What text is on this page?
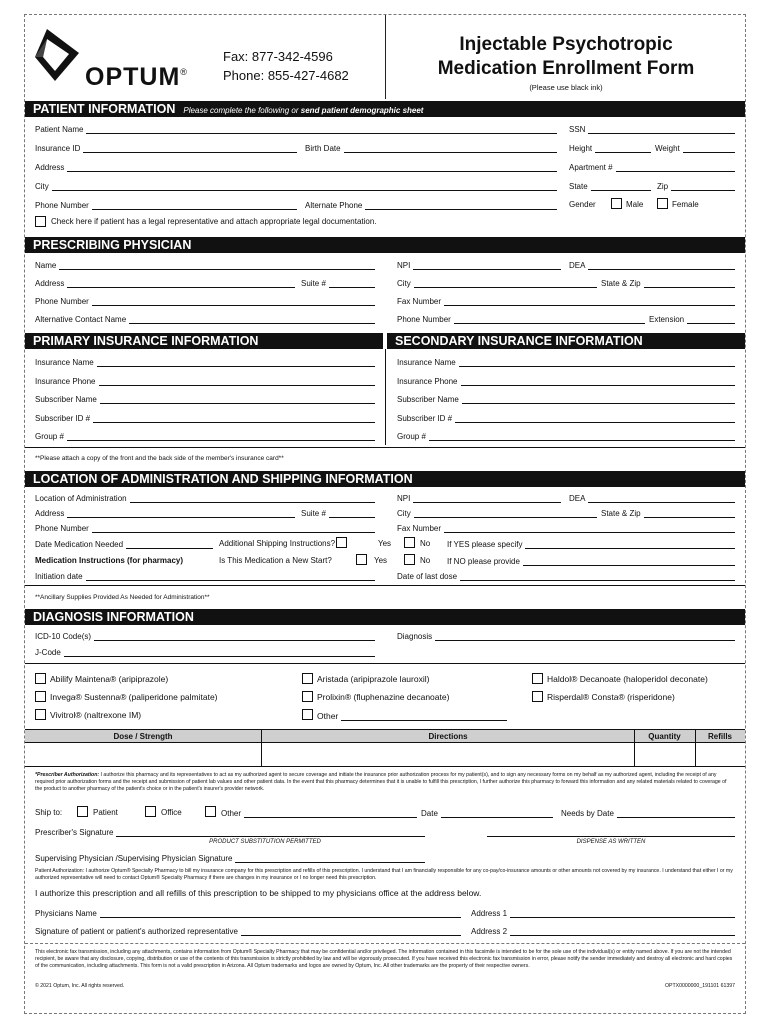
OPTUM®
Fax: 877-342-4596
Phone: 855-427-4682
Injectable Psychotropic
Medication Enrollment Form
(Please use black ink)
PATIENT INFORMATION Please complete the following or send patient demographic sheet
Patient Name	SSN
Insurance ID	Birth Date	Height	Weight
Address	Apartment #
City	State	Zip
Phone Number	Alternate Phone	Gender	Male	Female
Check here if patient has a legal representative and attach appropriate legal documentation.
PRESCRIBING PHYSICIAN
Name	NPI	DEA
Address	Suite #	City	State & Zip
Phone Number	Fax Number
Alternative Contact Name	Phone Number	Extension
PRIMARY INSURANCE INFORMATION	SECONDARY INSURANCE INFORMATION
Insurance Name	Insurance Name
Insurance Phone	Insurance Phone
Subscriber Name	Subscriber Name
Subscriber ID #	Subscriber ID #
Group #	Group #
**Please attach a copy of the front and the back side of the member's insurance card**
LOCATION OF ADMINISTRATION AND SHIPPING INFORMATION
Location of Administration	NPI	DEA
Address	Suite #	City	State & Zip
Phone Number	Fax Number
Date Medication Needed	Additional Shipping Instructions?	Yes	No If YES please specify
Medication Instructions (for pharmacy)	Is This Medication a New Start?	Yes	No If NO please provide
Initiation date	Date of last dose
**Ancillary Supplies Provided As Needed for Administration**
DIAGNOSIS INFORMATION
ICD-10 Code(s)	Diagnosis
J-Code
Abilify Maintena® (aripiprazole)	Aristada (aripiprazole lauroxil)	Haldol® Decanoate (haloperidol deconate)
Invega® Sustenna® (paliperidone palmitate)	Prolixin® (fluphenazine decanoate)	Risperdal® Consta® (risperidone)
Vivitrol® (naltrexone IM)	Other
Dose / Strength	Directions	Quantity	Refills
*Prescriber Authorization: I authorize this pharmacy and its representatives to act as my authorized agent to secure coverage and initiate the insurance prior authorization process for my patient(s), and to sign any necessary forms on my behalf as my authorized agent, including the receipt of any required prior authorization forms and the receipt and submission of patient lab values and other patient data. In the event that this pharmacy determines that it is unable to fulfill this prescription, I further authorize this pharmacy to forward this information and any related materials related to coverage of the product to another pharmacy of the patient's choice or in the patient's insurer's provider network.
Ship to:	Patient	Office	Other	Date	Needs by Date
Prescriber's Signature
PRODUCT SUBSTITUTION PERMITTED	DISPENSE AS WRITTEN
Supervising Physician /Supervising Physician Signature
Patient Authorization: I authorize Optum® Specialty Pharmacy to bill my insurance company for this prescription and refills of this prescription. I understand that I am financially responsible for any co-pay/co-insurance amounts or other amounts not covered by my insurance. I understand that either I or my authorized representative will need to contact Optum® Specialty Pharmacy if there are changes in my insurance or I no longer need this prescription.
I authorize this prescription and all refills of this prescription to be shipped to my physicians office at the address below.
Physicians Name	Address 1
Signature of patient or patient's authorized representative	Address 2
This electronic fax transmission, including any attachments, contains information from Optum® Specialty Pharmacy that may be confidential and/or privileged. The information contained in this facsimile is intended to be for the sole use of the individual(s) or entity named above. If you are not the intended recipient, be aware that any disclosure, copying, distribution or use of the contents of this transmission is strictly prohibited by law and will be vigorously prosecuted. If you have received this electronic fax transmission in error, please notify the sender immediately and destroy all electronic and hard copies of the communication, including attachments. This form is not a valid prescription in Arizona. All Optum trademarks and logos are owned by Optum, Inc. All other trademarks are the property of their respective owners.
© 2021 Optum, Inc. All rights reserved.	OPTX0000000_191101 61397
